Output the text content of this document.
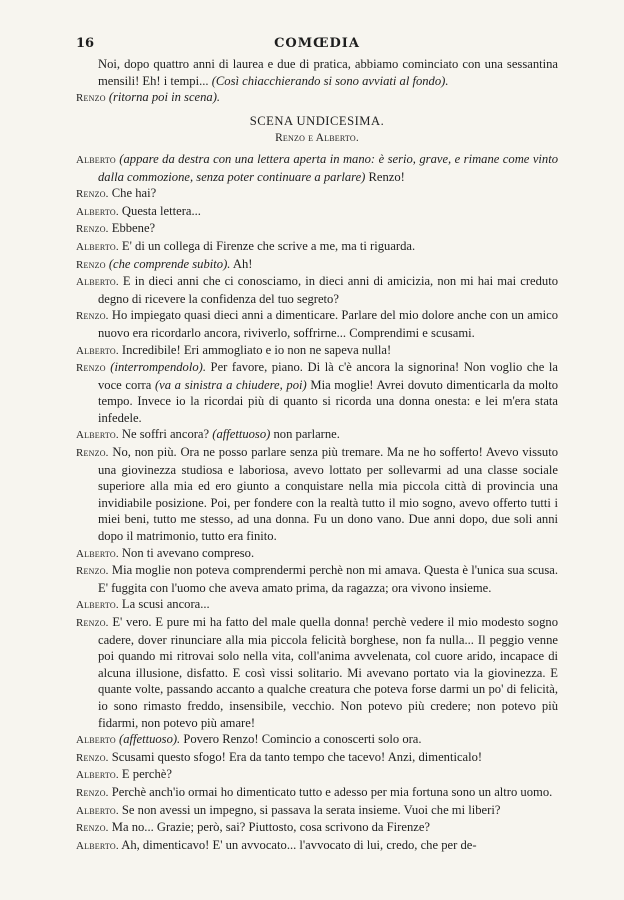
16	COMŒDIA

Noi, dopo quattro anni di laurea e due di pratica, abbiamo cominciato con una sessantina mensili! Eh! i tempi... (Così chiacchierando si sono avviati al fondo).

Renzo (ritorna poi in scena).

SCENA UNDICESIMA.

Renzo e Alberto.

Alberto (appare da destra con una lettera aperta in mano: è serio, grave, e rimane come vinto dalla commozione, senza poter continuare a parlare) Renzo!

Renzo. Che hai?

Alberto. Questa lettera...

Renzo. Ebbene?

Alberto. E' di un collega di Firenze che scrive a me, ma ti riguarda.

Renzo (che comprende subito). Ah!

Alberto. E in dieci anni che ci conosciamo, in dieci anni di amicizia, non mi hai mai creduto degno di ricevere la confidenza del tuo segreto?

Renzo. Ho impiegato quasi dieci anni a dimenticare. Parlare del mio dolore anche con un amico nuovo era ricordarlo ancora, riviverlo, soffrirne... Comprendimi e scusami.

Alberto. Incredibile! Eri ammogliato e io non ne sapeva nulla!

Renzo (interrompendolo). Per favore, piano. Di là c'è ancora la signorina! Non voglio che la voce corra (va a sinistra a chiudere, poi) Mia moglie! Avrei dovuto dimenticarla da molto tempo. Invece io la ricordai più di quanto si ricorda una donna onesta: e lei m'era stata infedele.

Alberto. Ne soffri ancora? (affettuoso) non parlarne.

Renzo. No, non più. Ora ne posso parlare senza più tremare. Ma ne ho sofferto! Avevo vissuto una giovinezza studiosa e laboriosa, avevo lottato per sollevarmi ad una classe sociale superiore alla mia ed ero giunto a conquistare nella mia piccola città di provincia una invidiabile posizione. Poi, per fondere con la realtà tutto il mio sogno, avevo offerto tutti i miei beni, tutto me stesso, ad una donna. Fu un dono vano. Due anni dopo, due soli anni dopo il matrimonio, tutto era finito.

Alberto. Non ti avevano compreso.

Renzo. Mia moglie non poteva comprendermi perchè non mi amava. Questa è l'unica sua scusa. E' fuggita con l'uomo che aveva amato prima, da ragazza; ora vivono insieme.

Alberto. La scusi ancora...

Renzo. E' vero. E pure mi ha fatto del male quella donna! perchè vedere il mio modesto sogno cadere, dover rinunciare alla mia piccola felicità borghese, non fa nulla... Il peggio venne poi quando mi ritrovai solo nella vita, coll'anima avvelenata, col cuore arido, incapace di alcuna illusione, disfatto. E così vissi solitario. Mi avevano portato via la giovinezza. E quante volte, passando accanto a qualche creatura che poteva forse darmi un po' di felicità, io sono rimasto freddo, insensibile, vecchio. Non potevo più credere; non potevo più fidarmi, non potevo più amare!

Alberto (affettuoso). Povero Renzo! Comincio a conoscerti solo ora.

Renzo. Scusami questo sfogo! Era da tanto tempo che tacevo! Anzi, dimenticalo!

Alberto. E perchè?

Renzo. Perchè anch'io ormai ho dimenticato tutto e adesso per mia fortuna sono un altro uomo.

Alberto. Se non avessi un impegno, si passava la serata insieme. Vuoi che mi liberi?

Renzo. Ma no... Grazie; però, sai? Piuttosto, cosa scrivono da Firenze?

Alberto. Ah, dimenticavo! E' un avvocato... l'avvocato di lui, credo, che per de-
